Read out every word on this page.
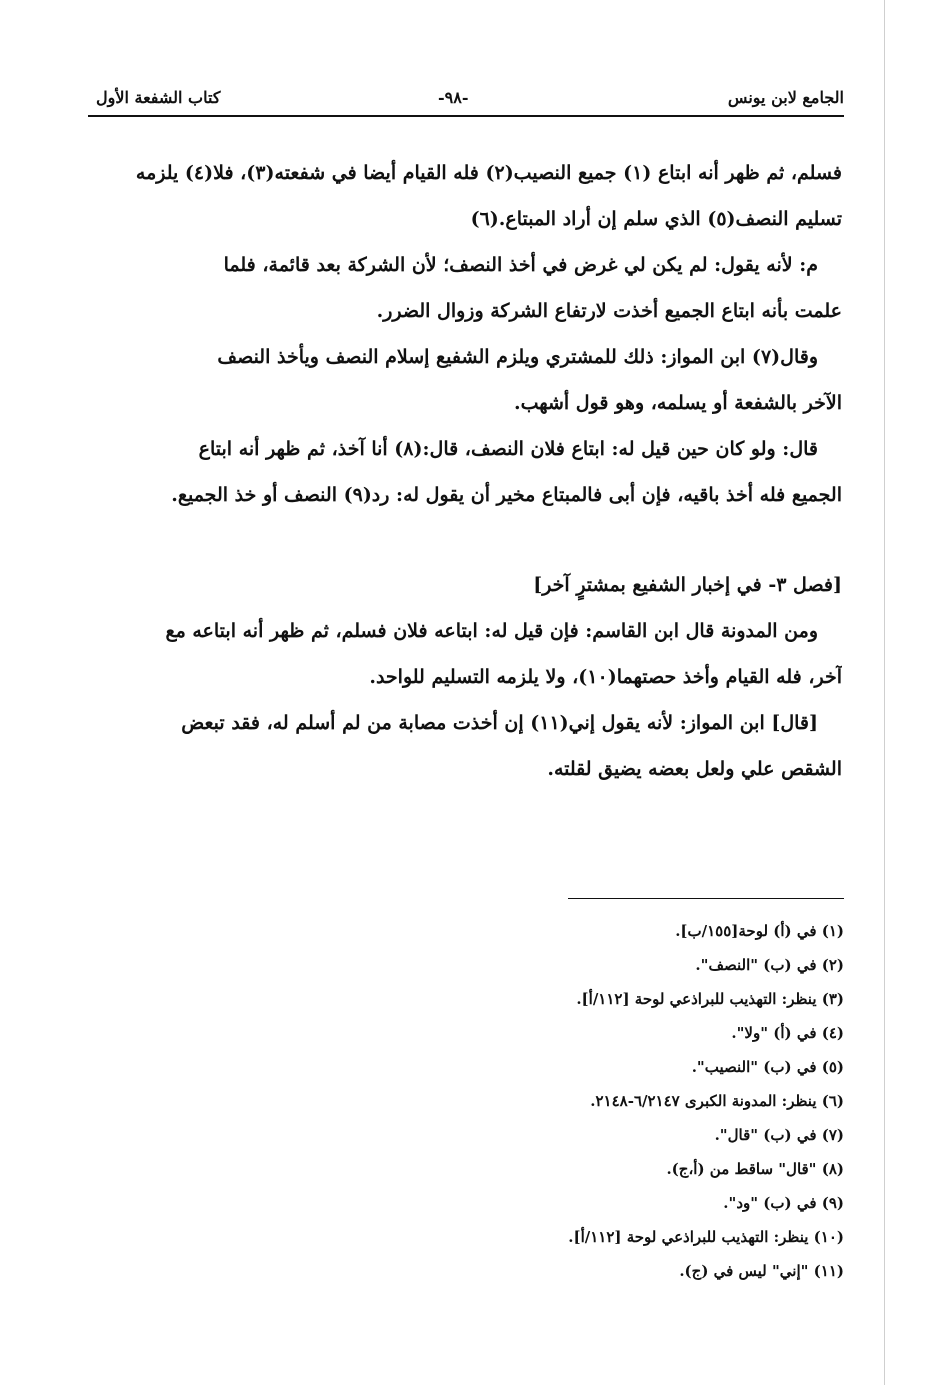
الجامع لابن يونس
-٩٨-
كتاب الشفعة الأول
فسلم، ثم ظهر أنه ابتاع (١) جميع النصيب(٢) فله القيام أيضا في شفعته(٣)، فلا(٤) يلزمه
تسليم النصف(٥) الذي سلم إن أراد المبتاع.(٦)
م: لأنه يقول: لم يكن لي غرض في أخذ النصف؛ لأن الشركة بعد قائمة، فلما
علمت بأنه ابتاع الجميع أخذت لارتفاع الشركة وزوال الضرر.
وقال(٧) ابن المواز: ذلك للمشتري ويلزم الشفيع إسلام النصف ويأخذ النصف
الآخر بالشفعة أو يسلمه، وهو قول أشهب.
قال: ولو كان حين قيل له: ابتاع فلان النصف، قال:(٨) أنا آخذ، ثم ظهر أنه ابتاع
الجميع فله أخذ باقيه، فإن أبى فالمبتاع مخير أن يقول له: رد(٩) النصف أو خذ الجميع.
[فصل ٣- في إخبار الشفيع بمشترٍ آخر]
ومن المدونة قال ابن القاسم: فإن قيل له: ابتاعه فلان فسلم، ثم ظهر أنه ابتاعه مع
آخر، فله القيام وأخذ حصتهما(١٠)، ولا يلزمه التسليم للواحد.
[قال] ابن المواز: لأنه يقول إني(١١) إن أخذت مصابة من لم أسلم له، فقد تبعض
الشقص علي ولعل بعضه يضيق لقلته.
(١) في (أ) لوحة[١٥٥/ب].
(٢) في (ب) "النصف".
(٣) ينظر: التهذيب للبراذعي لوحة [١١٢/أ].
(٤) في (أ) "ولا".
(٥) في (ب) "النصيب".
(٦) ينظر: المدونة الكبرى ٦/٢١٤٧-٢١٤٨.
(٧) في (ب) "قال".
(٨) "قال" ساقط من (أ،ج).
(٩) في (ب) "ود".
(١٠) ينظر: التهذيب للبراذعي لوحة [١١٢/أ].
(١١) "إني" ليس في (ج).
